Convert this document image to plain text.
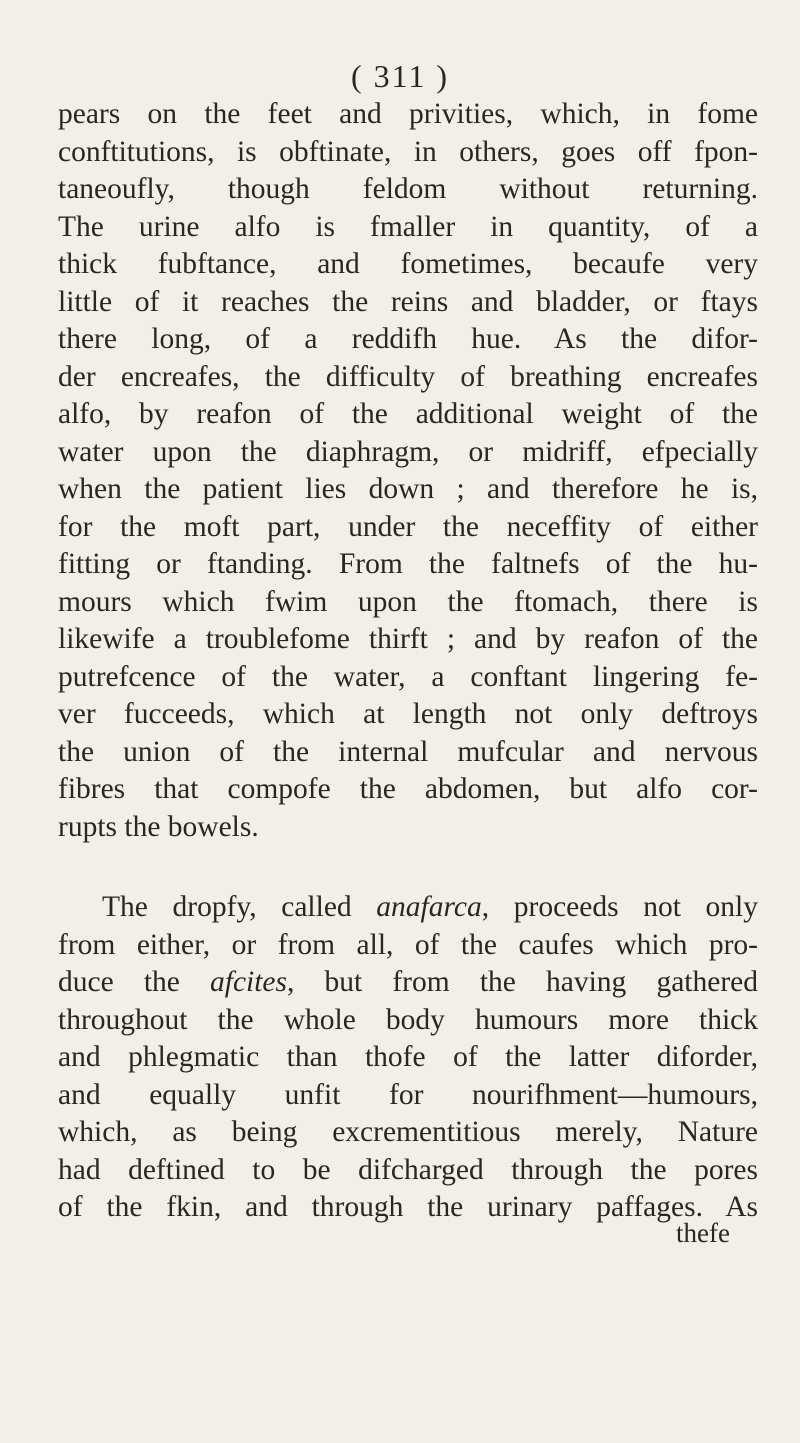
( 311 )
pears on the feet and privities, which, in fome
conftitutions, is obftinate, in others, goes off fpon-
taneoufly, though feldom without returning.
The urine alfo is fmaller in quantity, of a
thick fubftance, and fometimes, becaufe very
little of it reaches the reins and bladder, or ftays
there long, of a reddifh hue. As the difor-
der encreafes, the difficulty of breathing encreafes
alfo, by reafon of the additional weight of the
water upon the diaphragm, or midriff, efpecially
when the patient lies down ; and therefore he is,
for the moft part, under the neceffity of either
fitting or ftanding. From the faltnefs of the hu-
mours which fwim upon the ftomach, there is
likewife a troublefome thirft ; and by reafon of the
putrefcence of the water, a conftant lingering fe-
ver fucceeds, which at length not only deftroys
the union of the internal mufcular and nervous
fibres that compofe the abdomen, but alfo cor-
rupts the bowels.
The dropfy, called anafarca, proceeds not only
from either, or from all, of the caufes which pro-
duce the afcites, but from the having gathered
throughout the whole body humours more thick
and phlegmatic than thofe of the latter diforder,
and equally unfit for nourifhment—humours,
which, as being excrementitious merely, Nature
had deftined to be difcharged through the pores
of the fkin, and through the urinary paffages. As
thefe
